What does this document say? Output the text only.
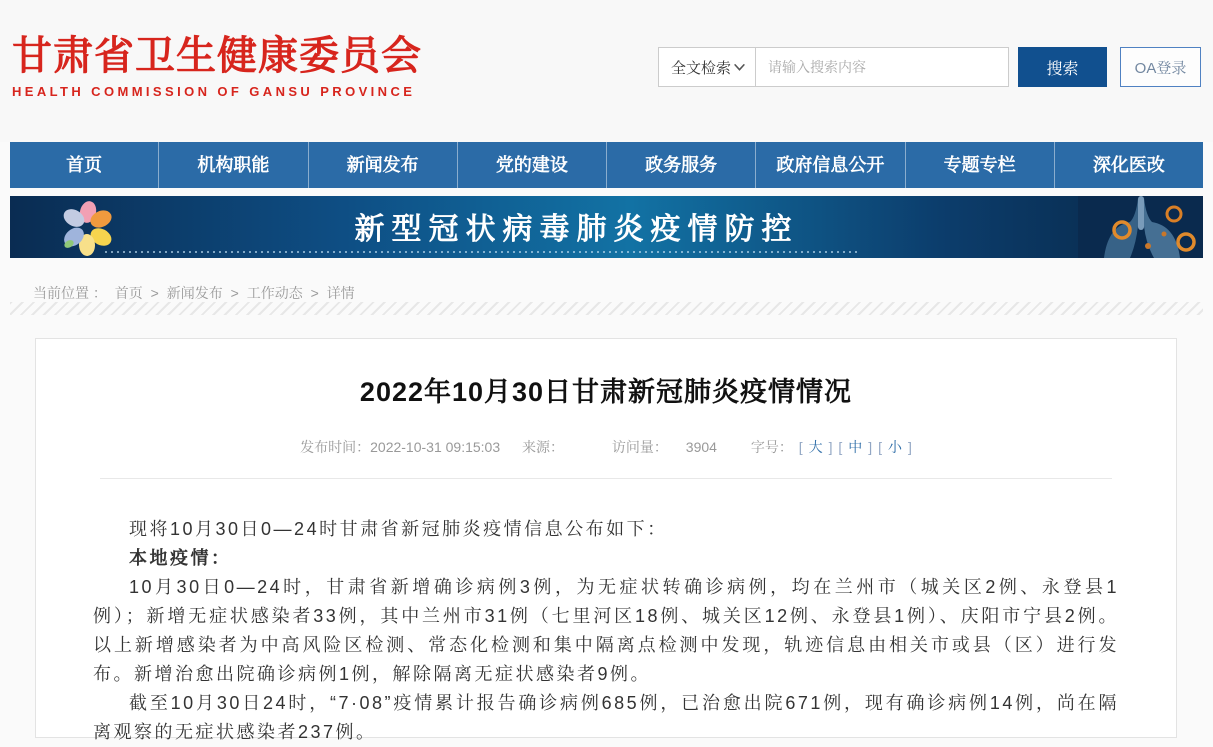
甘肃省卫生健康委员会
HEALTH COMMISSION OF GANSU PROVINCE
全文检索
请输入搜索内容	搜索	OA登录
首页	机构职能	新闻发布	党的建设	政务服务	政府信息公开	专题专栏	深化医改
新型冠状病毒肺炎疫情防控
当前位置 ： 首页 > 新闻发布 > 工作动态 > 详情
2022年10月30日甘肃新冠肺炎疫情情况
发布时间：2022-10-31 09:15:03 来源：	访问量： 3904 字号： [ 大 ] [ 中 ] [ 小 ]

现将10月30日0—24时甘肃省新冠肺炎疫情信息公布如下：

本地疫情：

10月30日0—24时，甘肃省新增确诊病例3例，为无症状转确诊病例，均在兰州市（城关区2例、永登县1例）；新增无症状感染者33例，其中兰州市31例（七里河区18例、城关区12例、永登县1例）、庆阳市宁县2例。以上新增感染者为中高风险区检测、常态化检测和集中隔离点检测中发现，轨迹信息由相关市或县（区）进行发布。新增治愈出院确诊病例1例，解除隔离无症状感染者9例。

截至10月30日24时，“7·08”疫情累计报告确诊病例685例，已治愈出院671例，现有确诊病例14例，尚在隔离观察的无症状感染者237例。
